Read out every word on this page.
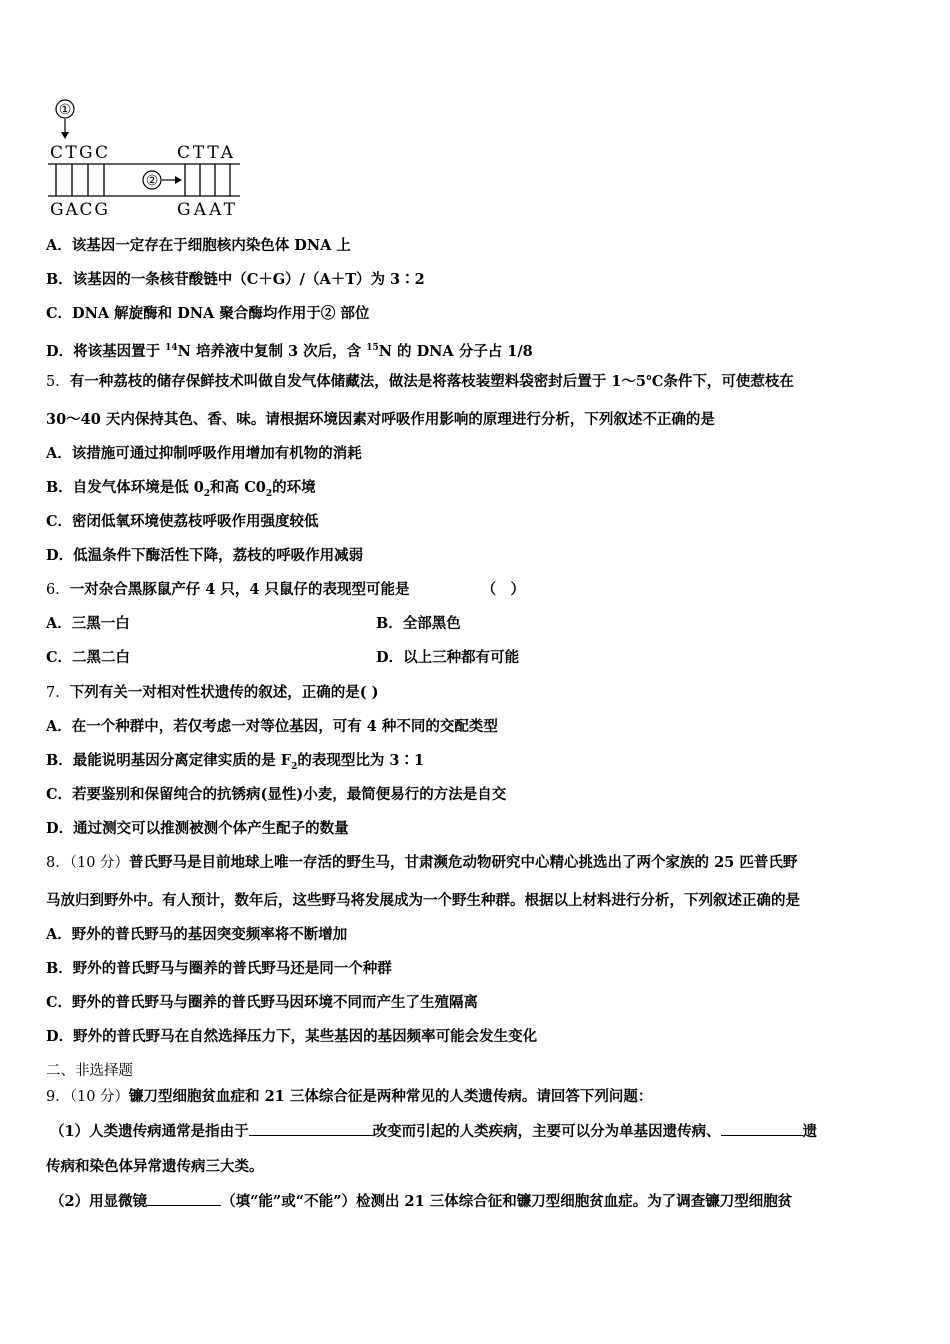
①
CTGC	CTTA
②
GACG	GAAT
A．该基因一定存在于细胞核内染色体 DNA 上
B．该基因的一条核苷酸链中（C＋G）/（A＋T）为 3∶2
C．DNA 解旋酶和 DNA 聚合酶均作用于② 部位
D．将该基因置于 $^{14}$N 培养液中复制 3 次后，含 $^{15}$N 的 DNA 分子占 1/8
5．有一种荔枝的储存保鲜技术叫做自发气体储藏法，做法是将落枝装塑料袋密封后置于 1～5℃条件下，可使惹枝在
30～40 天内保持其色、香、味。请根据环境因素对呼吸作用影响的原理进行分析，下列叙述不正确的是
A．该措施可通过抑制呼吸作用增加有机物的消耗
B．自发气体环境是低 $0_2$和高 $C0_2$的环境
C．密闭低氧环境使荔枝呼吸作用强度较低
D．低温条件下酶活性下降，荔枝的呼吸作用减弱
6．一对杂合黑豚鼠产仔 4 只，4 只鼠仔的表现型可能是	（　）
A．三黑一白	B．全部黑色
C．二黑二白	D．以上三种都有可能
7．下列有关一对相对性状遗传的叙述，正确的是( )
A．在一个种群中，若仅考虑一对等位基因，可有 4 种不同的交配类型
B．最能说明基因分离定律实质的是 $F_2$的表现型比为 3∶1
C．若要鉴别和保留纯合的抗锈病(显性)小麦，最简便易行的方法是自交
D．通过测交可以推测被测个体产生配子的数量
8．（10 分）普氏野马是目前地球上唯一存活的野生马，甘肃濒危动物研究中心精心挑选出了两个家族的 25 匹普氏野
马放归到野外中。有人预计，数年后，这些野马将发展成为一个野生种群。根据以上材料进行分析，下列叙述正确的是
A．野外的普氏野马的基因突变频率将不断增加
B．野外的普氏野马与圈养的普氏野马还是同一个种群
C．野外的普氏野马与圈养的普氏野马因环境不同而产生了生殖隔离
D．野外的普氏野马在自然选择压力下，某些基因的基因频率可能会发生变化
二、非选择题
9．（10 分）镰刀型细胞贫血症和 21 三体综合征是两种常见的人类遗传病。请回答下列问题：
（1）人类遗传病通常是指由于	改变而引起的人类疾病，主要可以分为单基因遗传病、	遗
传病和染色体异常遗传病三大类。
（2）用显微镜	（填“能”或“不能”）检测出 21 三体综合征和镰刀型细胞贫血症。为了调查镰刀型细胞贫
